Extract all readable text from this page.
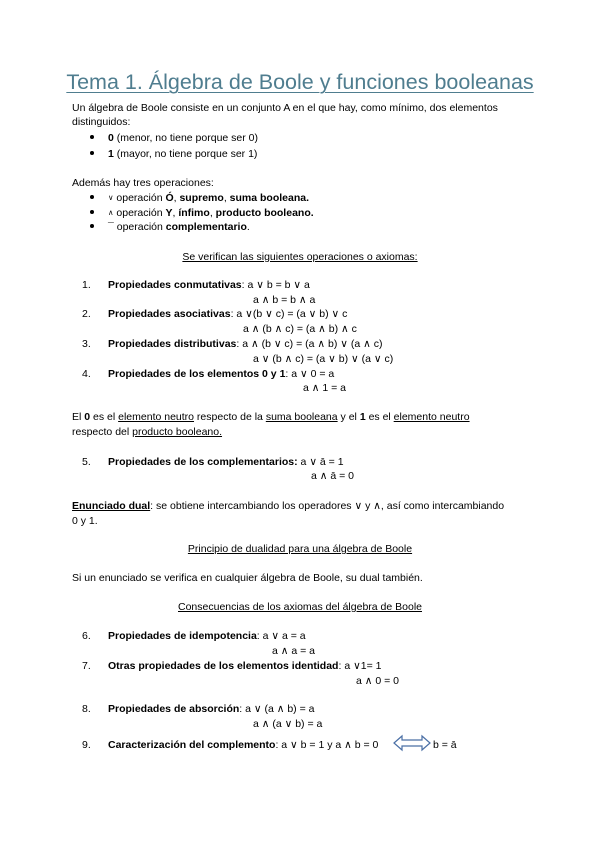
Tema 1. Álgebra de Boole y funciones booleanas
Un álgebra de Boole consiste en un conjunto A en el que hay, como mínimo, dos elementos
distinguidos:
0 (menor, no tiene porque ser 0)
1 (mayor, no tiene porque ser 1)
Además hay tres operaciones:
∨ operación Ó, supremo, suma booleana.
∧ operación Y, ínfimo, producto booleano.
¯ operación complementario.
Se verifican las siguientes operaciones o axiomas:
1. Propiedades conmutativas: a ∨ b = b ∨ a
a ∧ b = b ∧ a
2. Propiedades asociativas: a ∨(b ∨ c) = (a ∨ b) ∨ c
a ∧ (b ∧ c) = (a ∧ b) ∧ c
3. Propiedades distributivas: a ∧ (b ∨ c) = (a ∧ b) ∨ (a ∧ c)
a ∨ (b ∧ c) = (a ∨ b) ∨ (a ∨ c)
4. Propiedades de los elementos 0 y 1: a ∨ 0 = a
a ∧ 1 = a
El 0 es el elemento neutro respecto de la suma booleana y el 1 es el elemento neutro
respecto del producto booleano.
5. Propiedades de los complementarios: a ∨ ā = 1
a ∧ ā = 0
Enunciado dual: se obtiene intercambiando los operadores ∨ y ∧, así como intercambiando
0 y 1.
Principio de dualidad para una álgebra de Boole
Si un enunciado se verifica en cualquier álgebra de Boole, su dual también.
Consecuencias de los axiomas del álgebra de Boole
6. Propiedades de idempotencia: a ∨ a = a
a ∧ a = a
7. Otras propiedades de los elementos identidad: a ∨1= 1
a ∧ 0 = 0
8. Propiedades de absorción: a ∨ (a ∧ b) = a
a ∧ (a ∨ b) = a
9. Caracterización del complemento: a ∨ b = 1 y a ∧ b = 0	b = ā
